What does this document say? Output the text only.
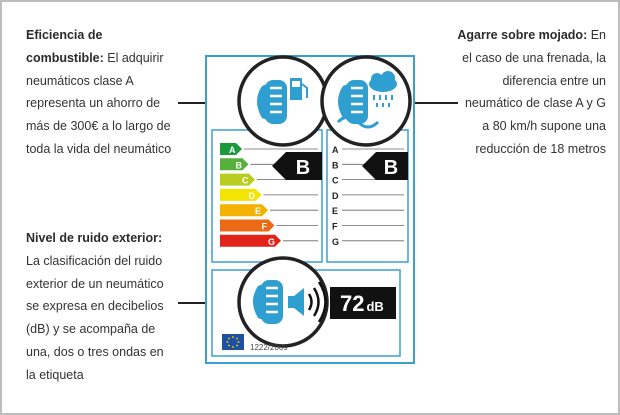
Eficiencia de combustible: El adquirir neumáticos clase A representa un ahorro de más de 300€ a lo largo de toda la vida del neumático
Agarre sobre mojado: En el caso de una frenada, la diferencia entre un neumático de clase A y G a 80 km/h supone una reducción de 18 metros
Nivel de ruido exterior: La clasificación del ruido exterior de un neumático se expresa en decibelios (dB) y se acompaña de una, dos o tres ondas en la etiqueta
A
B
C
D
E
F
G
A
B
C
D
E
F
G
B	B
72 dB
1222/2009
